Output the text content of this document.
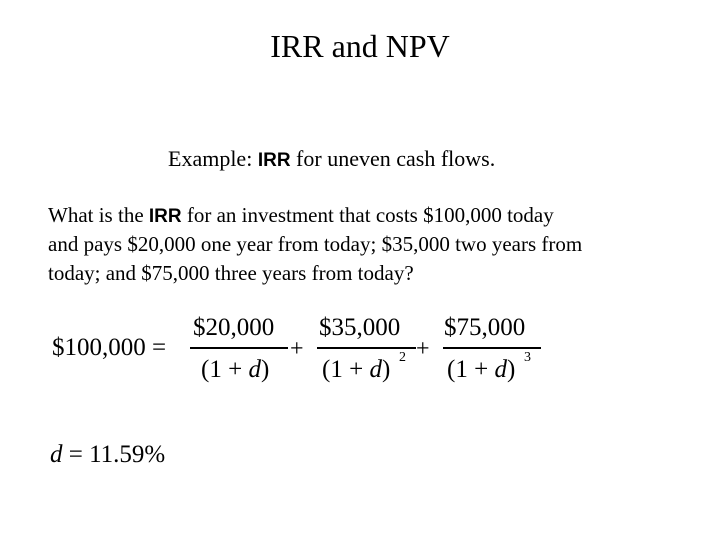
IRR and NPV
Example: IRR for uneven cash flows.
What is the IRR for an investment that costs $100,000 today
and pays $20,000 one year from today; $35,000 two years from
today; and $75,000 three years from today?
$100,000 =
$20,000
(1 + d)
+
$35,000
(1 + d) 2 +
$75,000
(1 + d) 3
d = 11.59%
